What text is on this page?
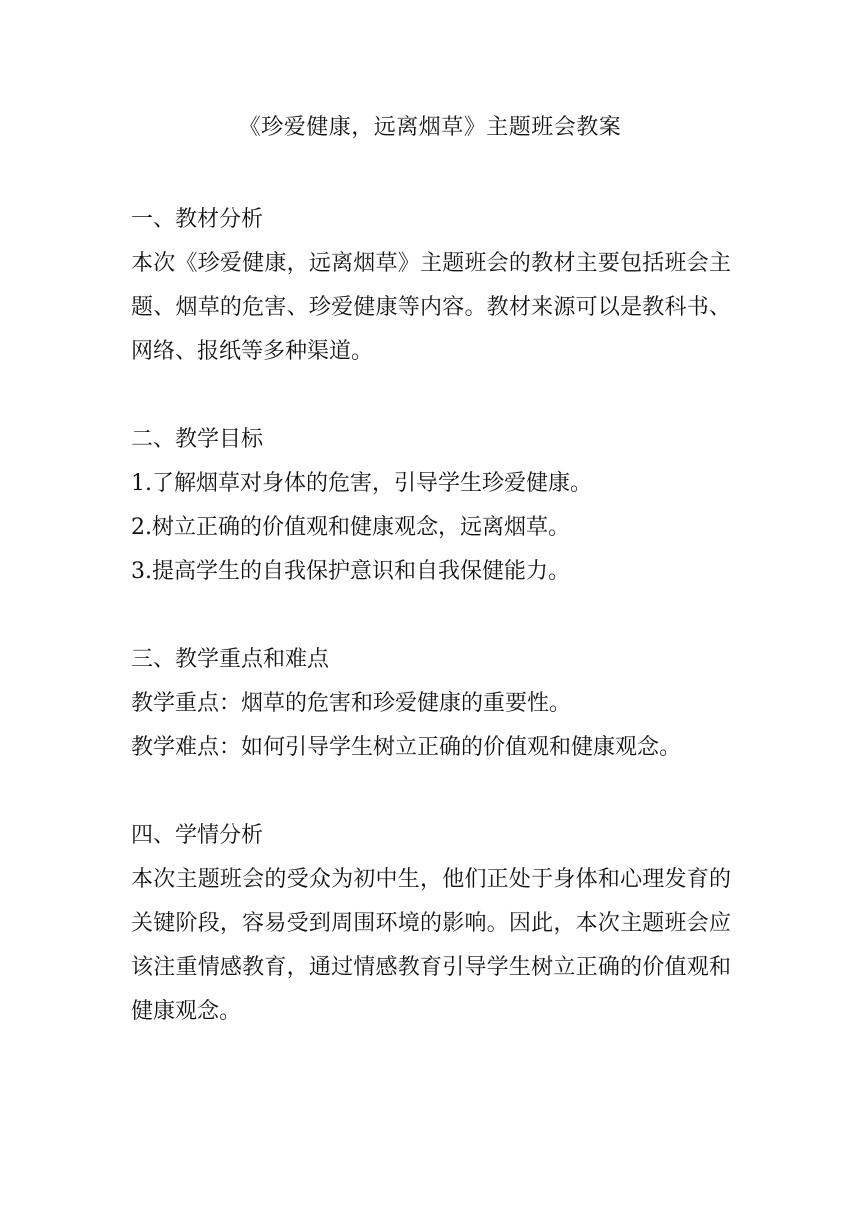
《珍爱健康，远离烟草》主题班会教案

一、教材分析

本次《珍爱健康，远离烟草》主题班会的教材主要包括班会主题、烟草的危害、珍爱健康等内容。教材来源可以是教科书、网络、报纸等多种渠道。

二、教学目标

1.了解烟草对身体的危害，引导学生珍爱健康。

2.树立正确的价值观和健康观念，远离烟草。

3.提高学生的自我保护意识和自我保健能力。

三、教学重点和难点

教学重点：烟草的危害和珍爱健康的重要性。

教学难点：如何引导学生树立正确的价值观和健康观念。

四、学情分析

本次主题班会的受众为初中生，他们正处于身体和心理发育的关键阶段，容易受到周围环境的影响。因此，本次主题班会应该注重情感教育，通过情感教育引导学生树立正确的价值观和健康观念。
